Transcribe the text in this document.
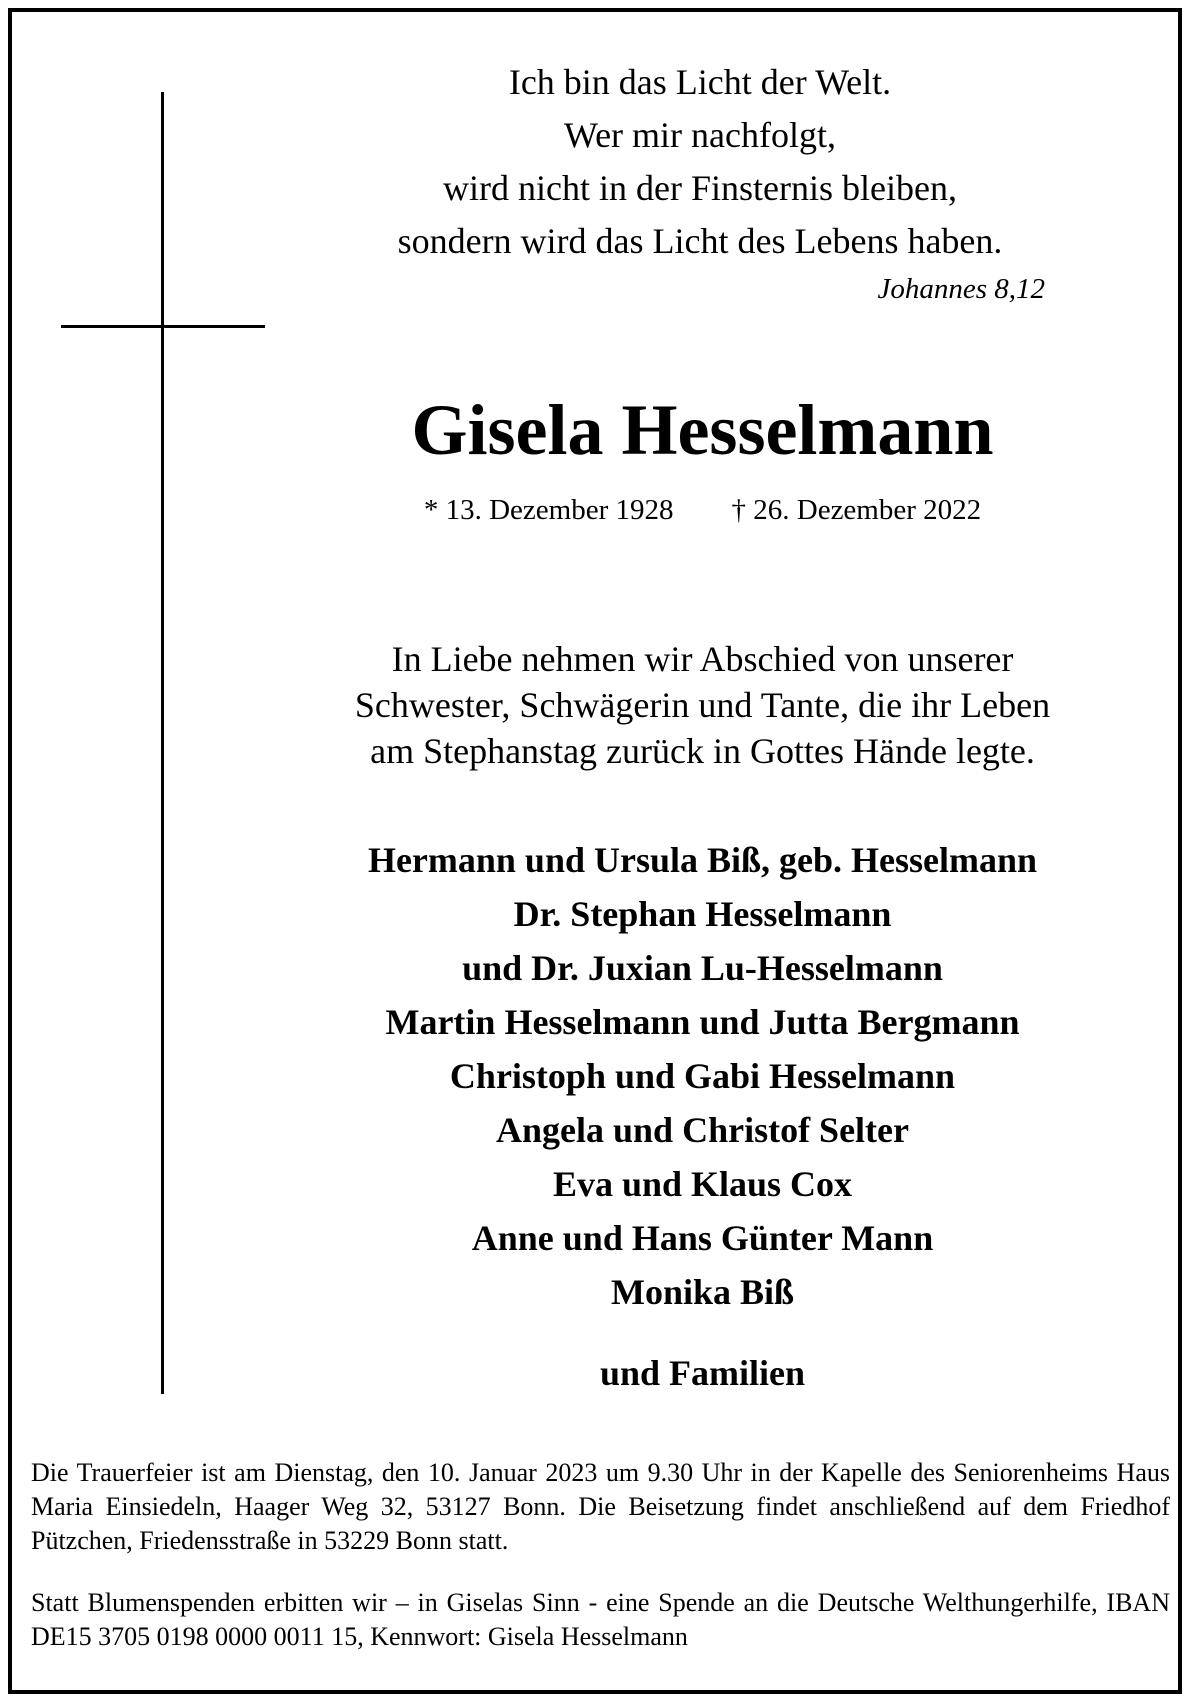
Ich bin das Licht der Welt.
Wer mir nachfolgt,
wird nicht in der Finsternis bleiben,
sondern wird das Licht des Lebens haben.
Johannes 8,12
Gisela Hesselmann
* 13. Dezember 1928 † 26. Dezember 2022
In Liebe nehmen wir Abschied von unserer
Schwester, Schwägerin und Tante, die ihr Leben
am Stephanstag zurück in Gottes Hände legte.
Hermann und Ursula Biß, geb. Hesselmann
Dr. Stephan Hesselmann
und Dr. Juxian Lu-Hesselmann
Martin Hesselmann und Jutta Bergmann
Christoph und Gabi Hesselmann
Angela und Christof Selter
Eva und Klaus Cox
Anne und Hans Günter Mann
Monika Biß
und Familien
Die Trauerfeier ist am Dienstag, den 10. Januar 2023 um 9.30 Uhr in der Kapelle des Seniorenheims Haus Maria Einsiedeln, Haager Weg 32, 53127 Bonn. Die Beisetzung findet anschließend auf dem Friedhof Pützchen, Friedensstraße in 53229 Bonn statt.
Statt Blumenspenden erbitten wir – in Giselas Sinn - eine Spende an die Deutsche Welthungerhilfe, IBAN DE15 3705 0198 0000 0011 15, Kennwort: Gisela Hesselmann
